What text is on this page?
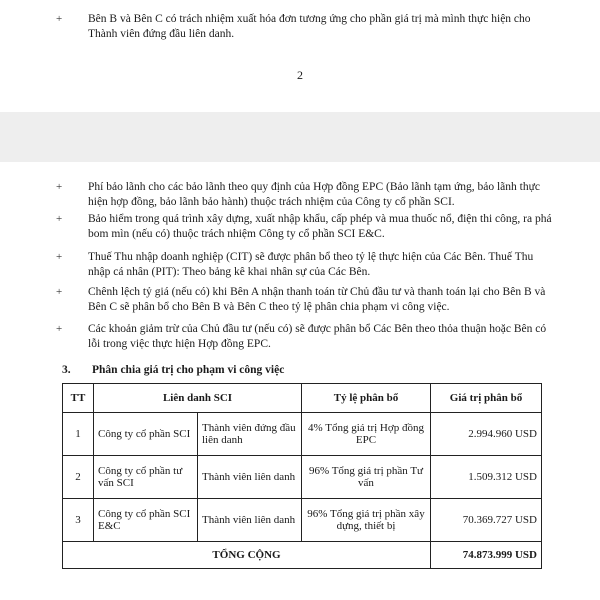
+ Bên B và Bên C có trách nhiệm xuất hóa đơn tương ứng cho phần giá trị mà mình thực hiện cho Thành viên đứng đầu liên danh.
2
+ Phí bảo lãnh cho các bảo lãnh theo quy định của Hợp đồng EPC (Bảo lãnh tạm ứng, bảo lãnh thực hiện hợp đồng, bảo lãnh bảo hành) thuộc trách nhiệm của Công ty cổ phần SCI.
+ Bảo hiểm trong quá trình xây dựng, xuất nhập khẩu, cấp phép và mua thuốc nổ, điện thi công, ra phá bom mìn (nếu có) thuộc trách nhiệm Công ty cổ phần SCI E&C.
+ Thuế Thu nhập doanh nghiệp (CIT) sẽ được phân bổ theo tỷ lệ thực hiện của Các Bên. Thuế Thu nhập cá nhân (PIT): Theo bảng kê khai nhân sự của Các Bên.
+ Chênh lệch tỷ giá (nếu có) khi Bên A nhận thanh toán từ Chủ đầu tư và thanh toán lại cho Bên B và Bên C sẽ phân bổ cho Bên B và Bên C theo tỷ lệ phân chia phạm vi công việc.
+ Các khoản giảm trừ của Chủ đầu tư (nếu có) sẽ được phân bổ Các Bên theo thỏa thuận hoặc Bên có lỗi trong việc thực hiện Hợp đồng EPC.
3. Phân chia giá trị cho phạm vi công việc
TT	Liên danh SCI		Tỷ lệ phân bổ	Giá trị phân bổ
1	Công ty cổ phần SCI	Thành viên đứng đầu liên danh	4% Tổng giá trị Hợp đồng EPC	2.994.960 USD
2	Công ty cổ phần tư vấn SCI	Thành viên liên danh	96% Tổng giá trị phần Tư vấn	1.509.312 USD
3	Công ty cổ phần SCI E&C	Thành viên liên danh	96% Tổng giá trị phần xây dựng, thiết bị	70.369.727 USD
TỔNG CỘNG				74.873.999 USD
